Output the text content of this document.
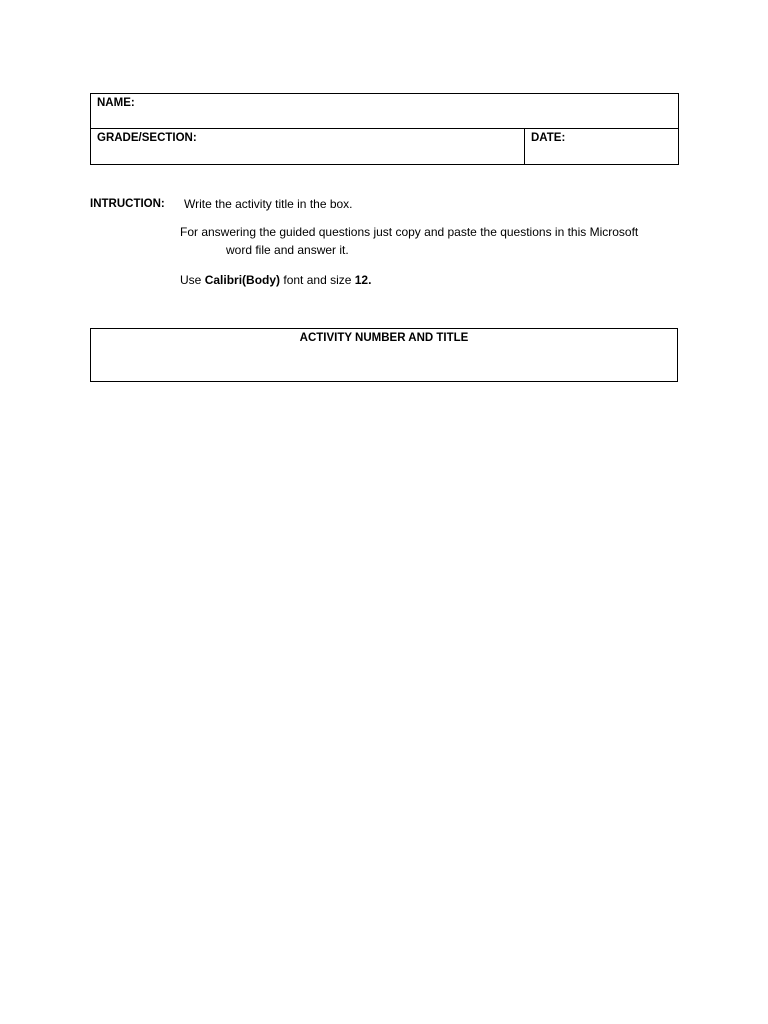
NAME:
GRADE/SECTION:	DATE:
INTRUCTION: Write the activity title in the box.
For answering the guided questions just copy and paste the questions in this Microsoft
word file and answer it.
Use Calibri(Body) font and size 12.
ACTIVITY NUMBER AND TITLE
